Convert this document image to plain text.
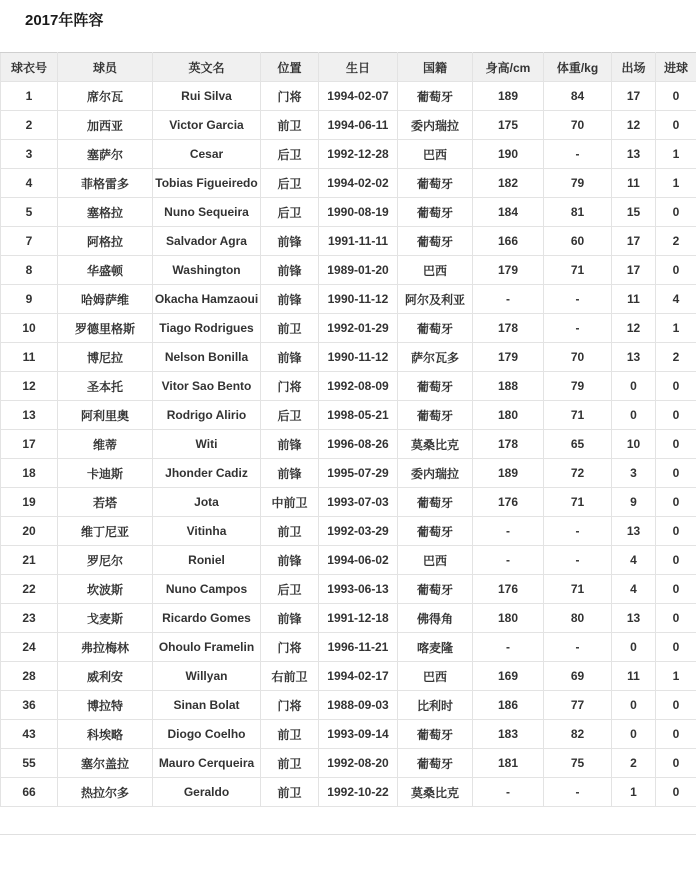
2017年阵容
球衣号	球员	英文名	位置	生日	国籍	身高/cm	体重/kg	出场	进球
1	席尔瓦	Rui Silva	门将	1994-02-07	葡萄牙	189	84	17	0
2	加西亚	Victor Garcia	前卫	1994-06-11	委内瑞拉	175	70	12	0
3	塞萨尔	Cesar	后卫	1992-12-28	巴西	190	-	13	1
4	菲格雷多	Tobias Figueiredo	后卫	1994-02-02	葡萄牙	182	79	11	1
5	塞格拉	Nuno Sequeira	后卫	1990-08-19	葡萄牙	184	81	15	0
7	阿格拉	Salvador Agra	前锋	1991-11-11	葡萄牙	166	60	17	2
8	华盛顿	Washington	前锋	1989-01-20	巴西	179	71	17	0
9	哈姆萨维	Okacha Hamzaoui	前锋	1990-11-12	阿尔及利亚	-	-	11	4
10	罗德里格斯	Tiago Rodrigues	前卫	1992-01-29	葡萄牙	178	-	12	1
11	博尼拉	Nelson Bonilla	前锋	1990-11-12	萨尔瓦多	179	70	13	2
12	圣本托	Vitor Sao Bento	门将	1992-08-09	葡萄牙	188	79	0	0
13	阿利里奥	Rodrigo Alirio	后卫	1998-05-21	葡萄牙	180	71	0	0
17	维蒂	Witi	前锋	1996-08-26	莫桑比克	178	65	10	0
18	卡迪斯	Jhonder Cadiz	前锋	1995-07-29	委内瑞拉	189	72	3	0
19	若塔	Jota	中前卫	1993-07-03	葡萄牙	176	71	9	0
20	维丁尼亚	Vitinha	前卫	1992-03-29	葡萄牙	-	-	13	0
21	罗尼尔	Roniel	前锋	1994-06-02	巴西	-	-	4	0
22	坎波斯	Nuno Campos	后卫	1993-06-13	葡萄牙	176	71	4	0
23	戈麦斯	Ricardo Gomes	前锋	1991-12-18	佛得角	180	80	13	0
24	弗拉梅林	Ohoulo Framelin	门将	1996-11-21	喀麦隆	-	-	0	0
28	威利安	Willyan	右前卫	1994-02-17	巴西	169	69	11	1
36	博拉特	Sinan Bolat	门将	1988-09-03	比利时	186	77	0	0
43	科埃略	Diogo Coelho	前卫	1993-09-14	葡萄牙	183	82	0	0
55	塞尔盖拉	Mauro Cerqueira	前卫	1992-08-20	葡萄牙	181	75	2	0
66	热拉尔多	Geraldo	前卫	1992-10-22	莫桑比克	-	-	1	0
